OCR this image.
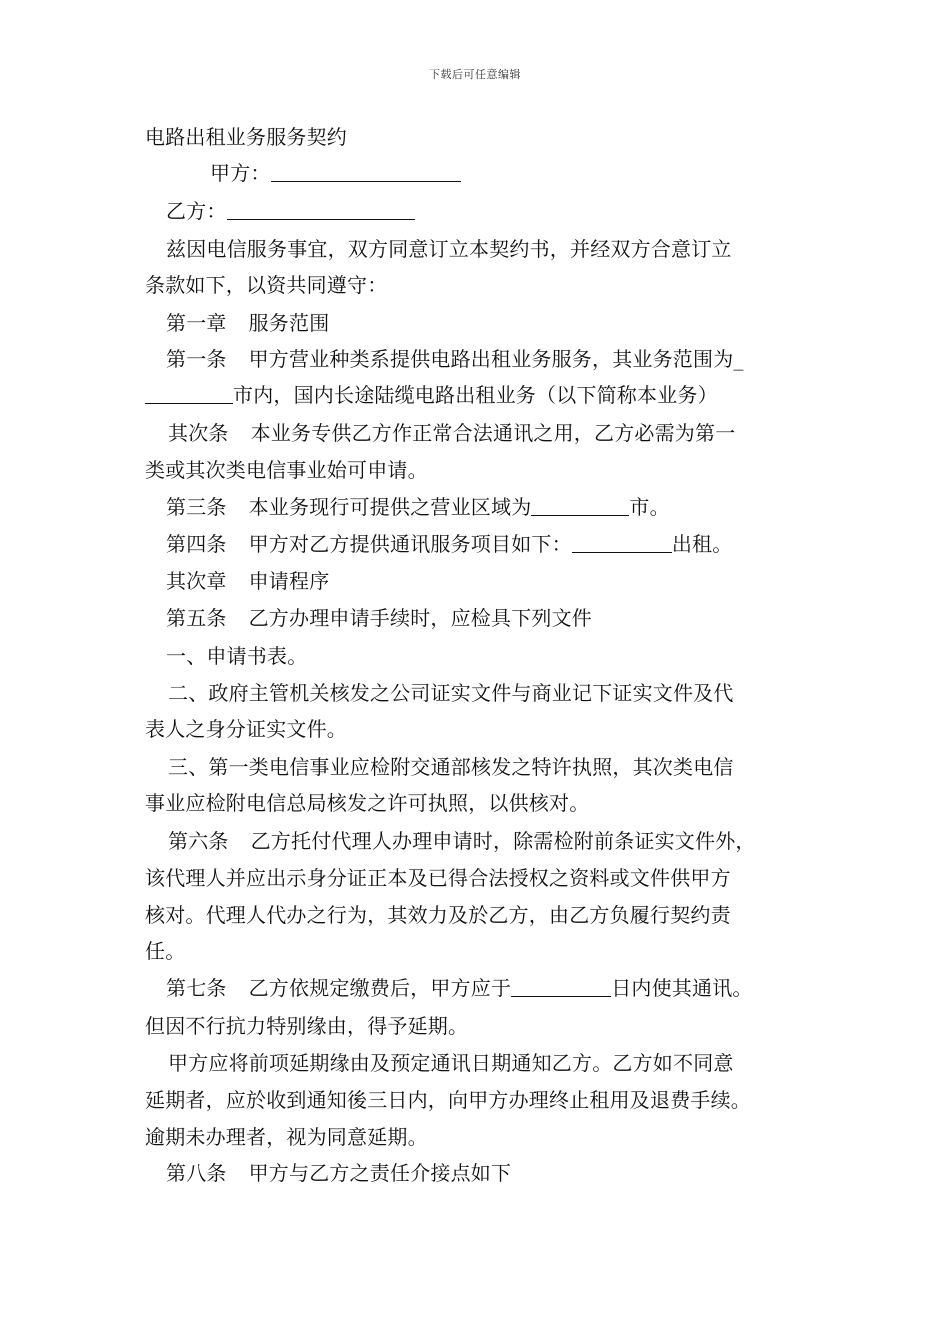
下载后可任意编辑
电路出租业务服务契约
甲方：
乙方：
兹因电信服务事宜，双方同意订立本契约书，并经双方合意订立
条款如下，以资共同遵守：
第一章 服务范围
第一条 甲方营业种类系提供电路出租业务服务，其业务范围为_
市内，国内长途陆缆电路出租业务（以下简称本业务）
其次条 本业务专供乙方作正常合法通讯之用，乙方必需为第一
类或其次类电信事业始可申请。
第三条 本业务现行可提供之营业区域为	市。
第四条 甲方对乙方提供通讯服务项目如下：	出租。
其次章 申请程序
第五条 乙方办理申请手续时，应检具下列文件
一、申请书表。
二、政府主管机关核发之公司证实文件与商业记下证实文件及代
表人之身分证实文件。
三、第一类电信事业应检附交通部核发之特许执照，其次类电信
事业应检附电信总局核发之许可执照，以供核对。
第六条 乙方托付代理人办理申请时，除需检附前条证实文件外，
该代理人并应出示身分证正本及已得合法授权之资料或文件供甲方
核对。代理人代办之行为，其效力及於乙方，由乙方负履行契约责
任。
第七条 乙方依规定缴费后，甲方应于	日内使其通讯。
但因不行抗力特别缘由，得予延期。
甲方应将前项延期缘由及预定通讯日期通知乙方。乙方如不同意
延期者，应於收到通知後三日内，向甲方办理终止租用及退费手续。
逾期未办理者，视为同意延期。
第八条 甲方与乙方之责任介接点如下
